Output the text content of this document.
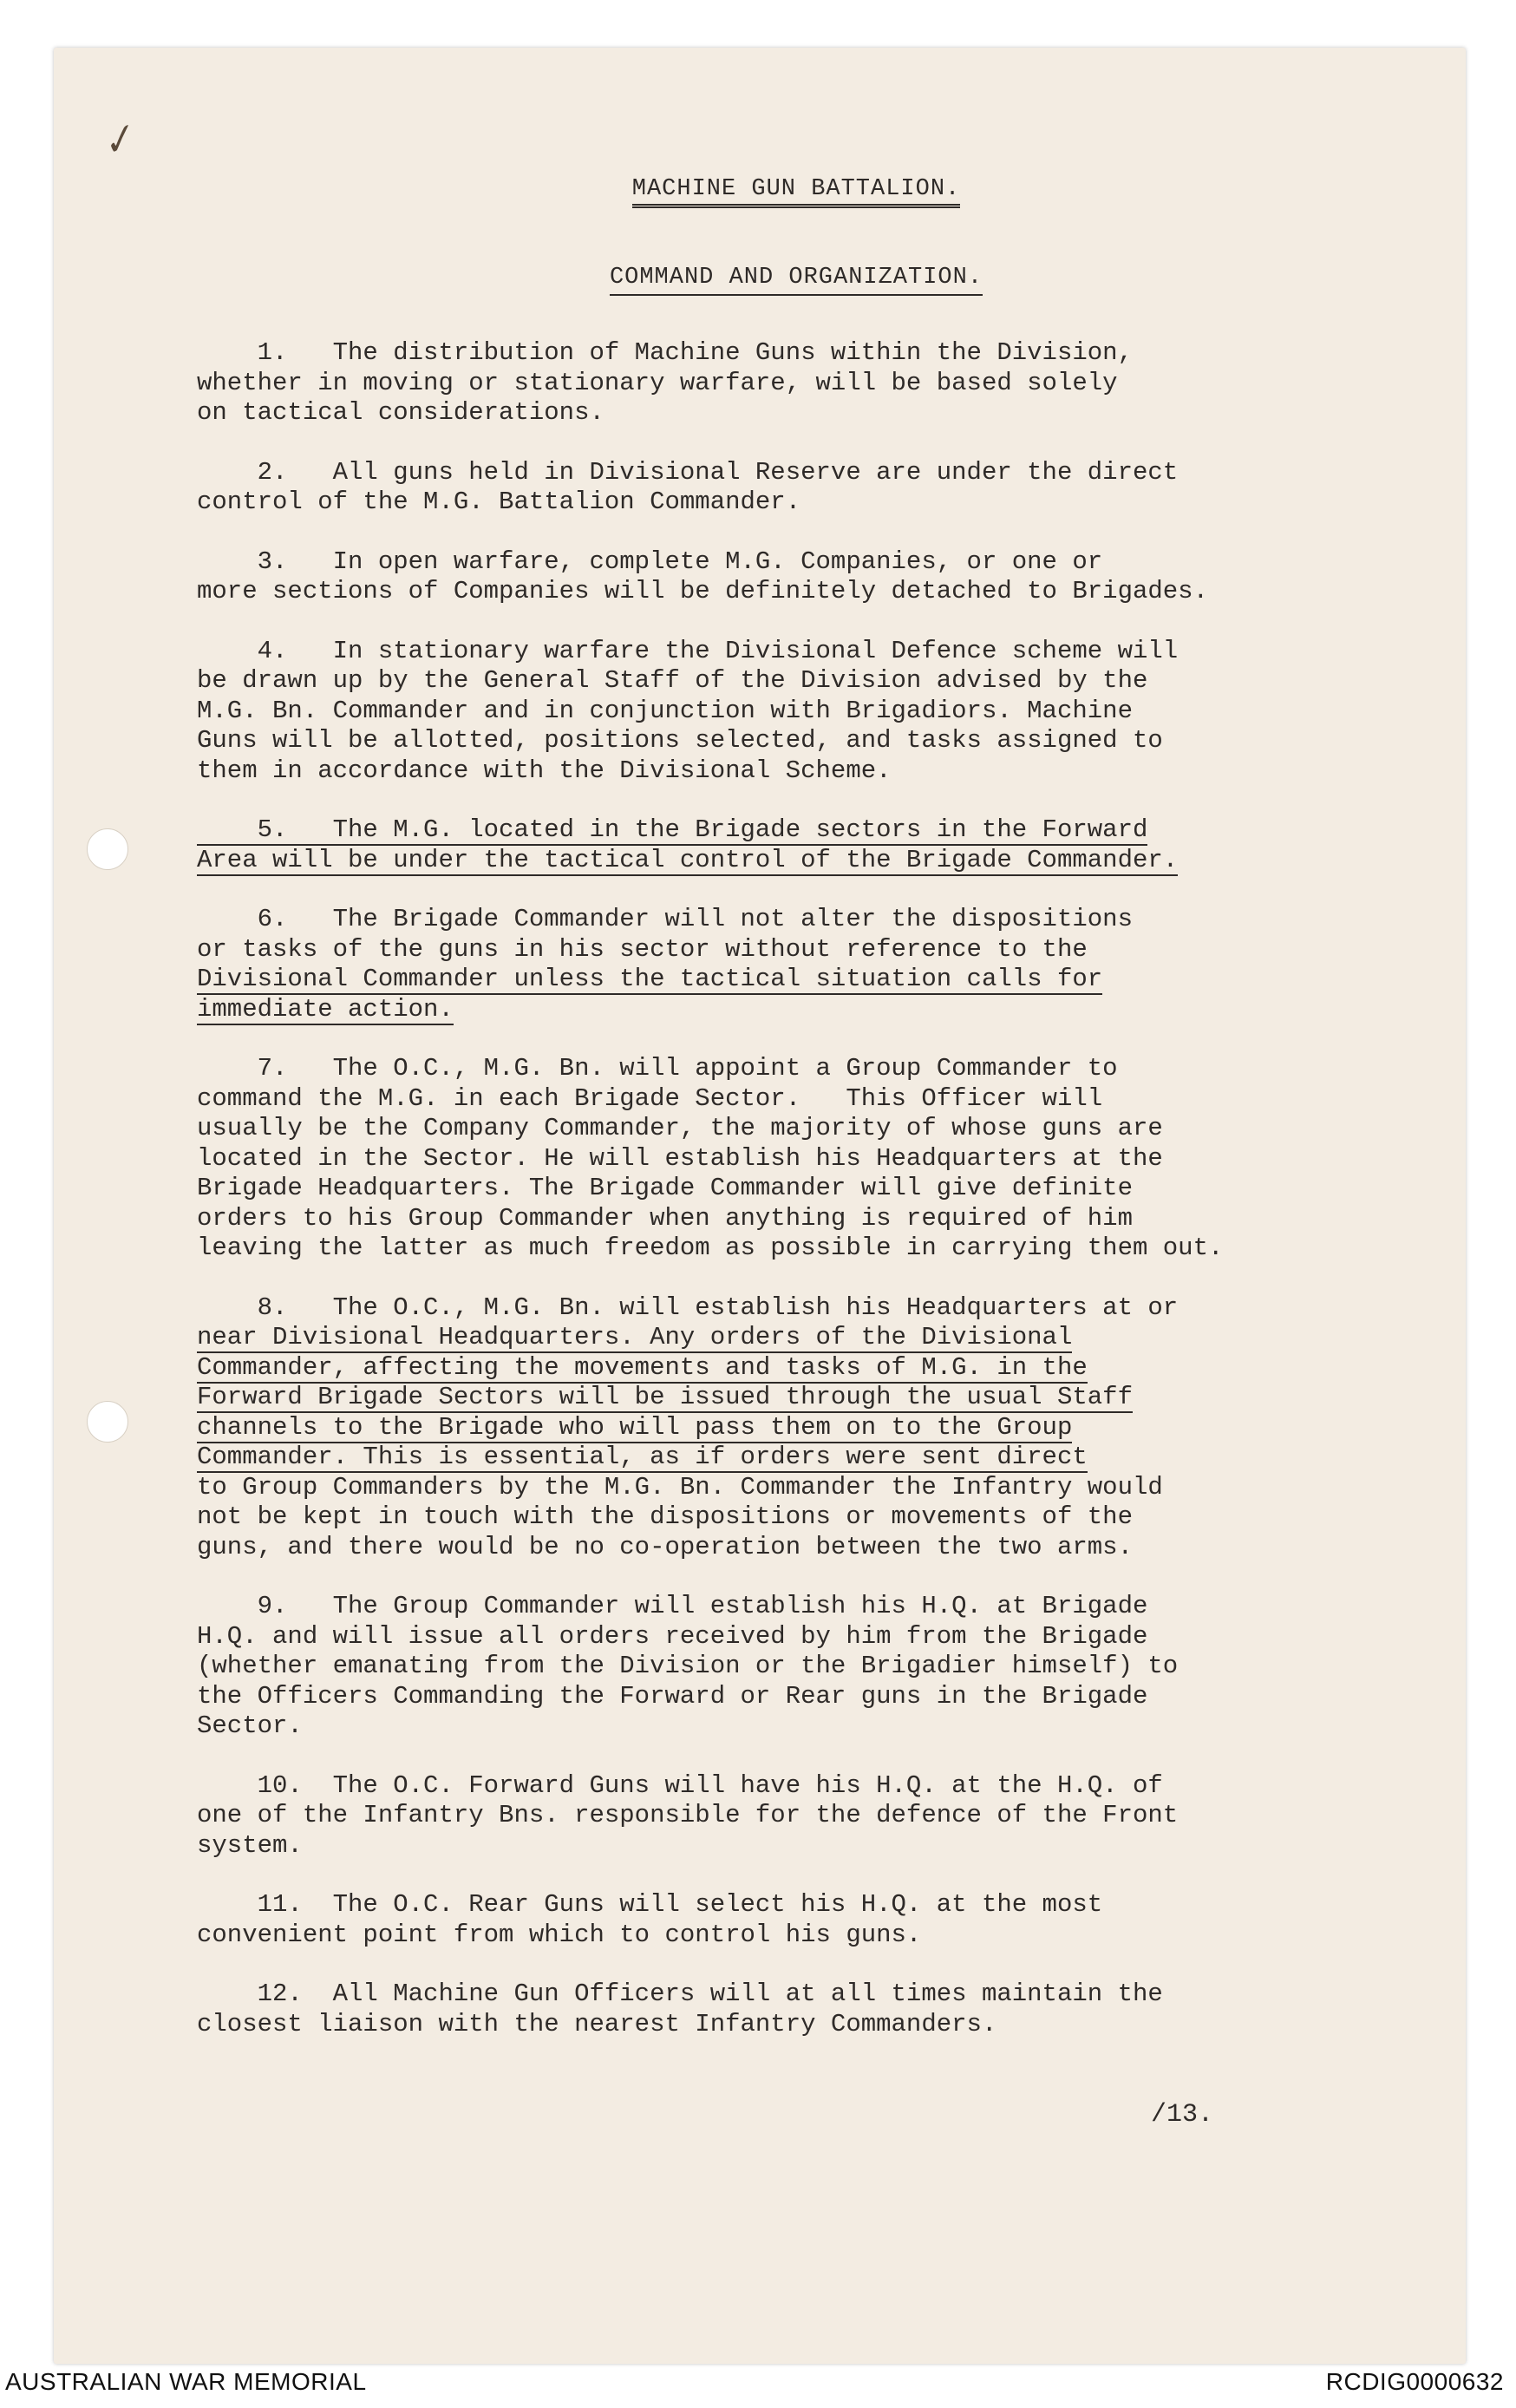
✓
MACHINE GUN BATTALION.
COMMAND AND ORGANIZATION.

1.   The distribution of Machine Guns within the Division,

whether in moving or stationary warfare, will be based solely

on tactical considerations.

2.   All guns held in Divisional Reserve are under the direct

control of the M.G. Battalion Commander.

3.   In open warfare, complete M.G. Companies, or one or

more sections of Companies will be definitely detached to Brigades.

4.   In stationary warfare the Divisional Defence scheme will

be drawn up by the General Staff of the Division advised by the

M.G. Bn. Commander and in conjunction with Brigadiors. Machine

Guns will be allotted, positions selected, and tasks assigned to

them in accordance with the Divisional Scheme.

5.   The M.G. located in the Brigade sectors in the Forward

Area will be under the tactical control of the Brigade Commander.

6.   The Brigade Commander will not alter the dispositions

or tasks of the guns in his sector without reference to the

Divisional Commander unless the tactical situation calls for

immediate action.

7.   The O.C., M.G. Bn. will appoint a Group Commander to

command the M.G. in each Brigade Sector.   This Officer will

usually be the Company Commander, the majority of whose guns are

located in the Sector. He will establish his Headquarters at the

Brigade Headquarters. The Brigade Commander will give definite

orders to his Group Commander when anything is required of him

leaving the latter as much freedom as possible in carrying them out.

8.   The O.C., M.G. Bn. will establish his Headquarters at or

near Divisional Headquarters. Any orders of the Divisional

Commander, affecting the movements and tasks of M.G. in the

Forward Brigade Sectors will be issued through the usual Staff

channels to the Brigade who will pass them on to the Group

Commander. This is essential, as if orders were sent direct

to Group Commanders by the M.G. Bn. Commander the Infantry would

not be kept in touch with the dispositions or movements of the

guns, and there would be no co-operation between the two arms.

9.   The Group Commander will establish his H.Q. at Brigade

H.Q. and will issue all orders received by him from the Brigade

(whether emanating from the Division or the Brigadier himself) to

the Officers Commanding the Forward or Rear guns in the Brigade

Sector.

10.  The O.C. Forward Guns will have his H.Q. at the H.Q. of

one of the Infantry Bns. responsible for the defence of the Front

system.

11.  The O.C. Rear Guns will select his H.Q. at the most

convenient point from which to control his guns.

12.  All Machine Gun Officers will at all times maintain the

closest liaison with the nearest Infantry Commanders.

/13.
AUSTRALIAN WAR MEMORIAL	RCDIG0000632
